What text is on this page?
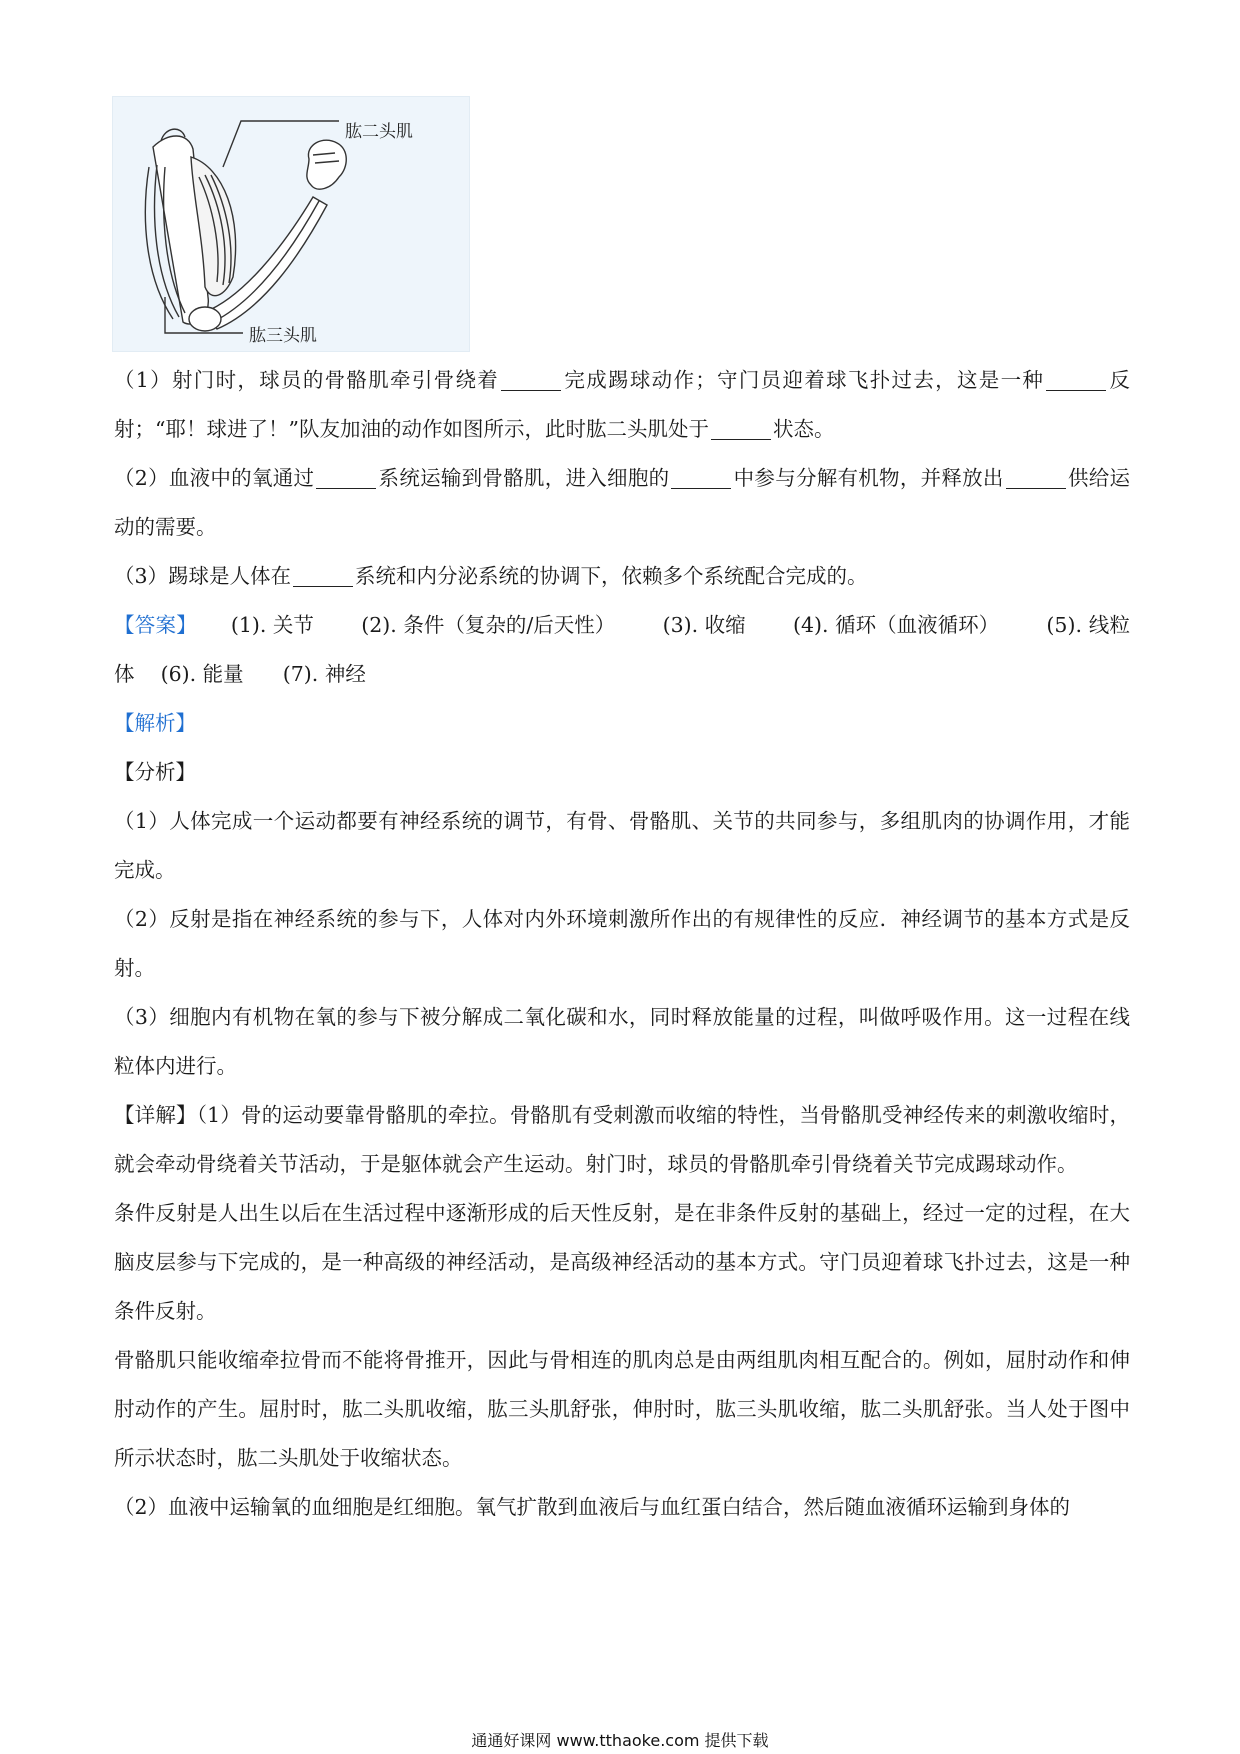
肱二头肌
肱三头肌

（1）射门时，球员的骨骼肌牵引骨绕着	完成踢球动作；守门员迎着球飞扑过去，这是一种	反射；“耶！球进了！”队友加油的动作如图所示，此时肱二头肌处于	状态。

（2）血液中的氧通过	系统运输到骨骼肌，进入细胞的	中参与分解有机物，并释放出	供给运动的需要。

（3）踢球是人体在	系统和内分泌系统的协调下，依赖多个系统配合完成的。

【答案】 (1). 关节 (2). 条件（复杂的/后天性） (3). 收缩 (4). 循环（血液循环） (5). 线粒体 (6). 能量 (7). 神经

【解析】

【分析】

（1）人体完成一个运动都要有神经系统的调节，有骨、骨骼肌、关节的共同参与，多组肌肉的协调作用，才能完成。

（2）反射是指在神经系统的参与下，人体对内外环境刺激所作出的有规律性的反应．神经调节的基本方式是反射。

（3）细胞内有机物在氧的参与下被分解成二氧化碳和水，同时释放能量的过程，叫做呼吸作用。这一过程在线粒体内进行。

【详解】（1）骨的运动要靠骨骼肌的牵拉。骨骼肌有受刺激而收缩的特性，当骨骼肌受神经传来的刺激收缩时，就会牵动骨绕着关节活动，于是躯体就会产生运动。射门时，球员的骨骼肌牵引骨绕着关节完成踢球动作。

条件反射是人出生以后在生活过程中逐渐形成的后天性反射，是在非条件反射的基础上，经过一定的过程，在大脑皮层参与下完成的，是一种高级的神经活动，是高级神经活动的基本方式。守门员迎着球飞扑过去，这是一种条件反射。

骨骼肌只能收缩牵拉骨而不能将骨推开，因此与骨相连的肌肉总是由两组肌肉相互配合的。例如，屈肘动作和伸肘动作的产生。屈肘时，肱二头肌收缩，肱三头肌舒张，伸肘时，肱三头肌收缩，肱二头肌舒张。当人处于图中所示状态时，肱二头肌处于收缩状态。

（2）血液中运输氧的血细胞是红细胞。氧气扩散到血液后与血红蛋白结合，然后随血液循环运输到身体的

通通好课网 www.tthaoke.com 提供下载
